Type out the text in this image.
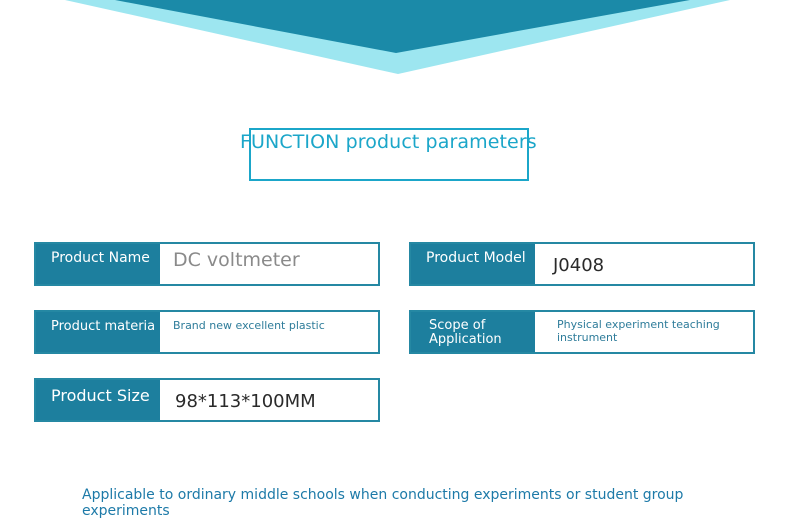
FUNCTION product parameters
Product Name DC voltmeter	Product Model J0408
Product materia Brand new excellent plastic	Scope of
Application
Physical experiment teaching
instrument
Product Size 98*113*100MM
Applicable to ordinary middle schools when conducting experiments or student group experiments
